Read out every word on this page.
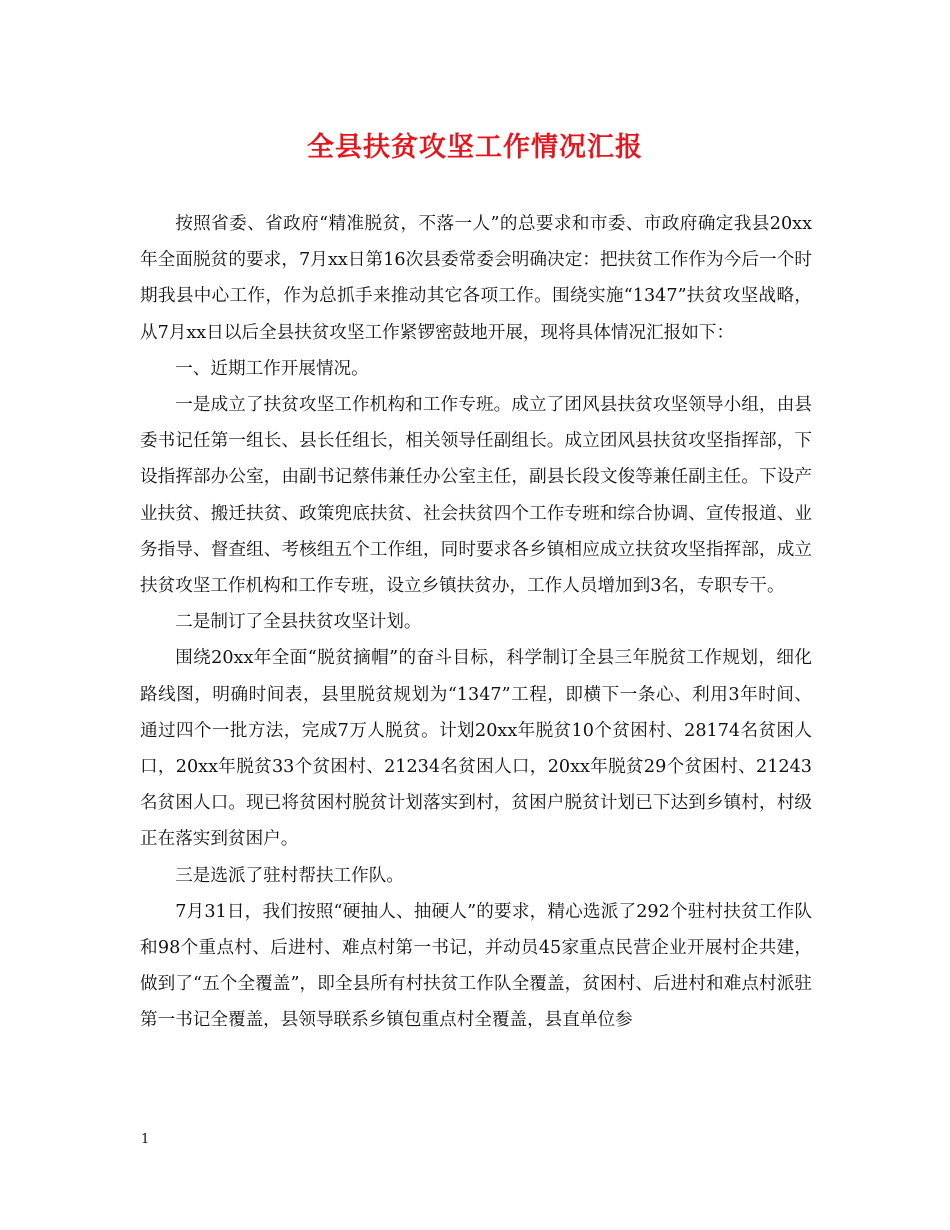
全县扶贫攻坚工作情况汇报

按照省委、省政府“精准脱贫，不落一人”的总要求和市委、市政府确定我县20xx年全面脱贫的要求，7月xx日第16次县委常委会明确决定：把扶贫工作作为今后一个时期我县中心工作，作为总抓手来推动其它各项工作。围绕实施“1347”扶贫攻坚战略，从7月xx日以后全县扶贫攻坚工作紧锣密鼓地开展，现将具体情况汇报如下：

一、近期工作开展情况。

一是成立了扶贫攻坚工作机构和工作专班。成立了团风县扶贫攻坚领导小组，由县委书记任第一组长、县长任组长，相关领导任副组长。成立团风县扶贫攻坚指挥部，下设指挥部办公室，由副书记蔡伟兼任办公室主任，副县长段文俊等兼任副主任。下设产业扶贫、搬迁扶贫、政策兜底扶贫、社会扶贫四个工作专班和综合协调、宣传报道、业务指导、督查组、考核组五个工作组，同时要求各乡镇相应成立扶贫攻坚指挥部，成立扶贫攻坚工作机构和工作专班，设立乡镇扶贫办，工作人员增加到3名，专职专干。

二是制订了全县扶贫攻坚计划。

围绕20xx年全面“脱贫摘帽”的奋斗目标，科学制订全县三年脱贫工作规划，细化路线图，明确时间表，县里脱贫规划为“1347”工程，即横下一条心、利用3年时间、通过四个一批方法，完成7万人脱贫。计划20xx年脱贫10个贫困村、28174名贫困人口，20xx年脱贫33个贫困村、21234名贫困人口，20xx年脱贫29个贫困村、21243名贫困人口。现已将贫困村脱贫计划落实到村，贫困户脱贫计划已下达到乡镇村，村级正在落实到贫困户。

三是选派了驻村帮扶工作队。

7月31日，我们按照“硬抽人、抽硬人”的要求，精心选派了292个驻村扶贫工作队和98个重点村、后进村、难点村第一书记，并动员45家重点民营企业开展村企共建，做到了“五个全覆盖”，即全县所有村扶贫工作队全覆盖，贫困村、后进村和难点村派驻第一书记全覆盖，县领导联系乡镇包重点村全覆盖，县直单位参

1
